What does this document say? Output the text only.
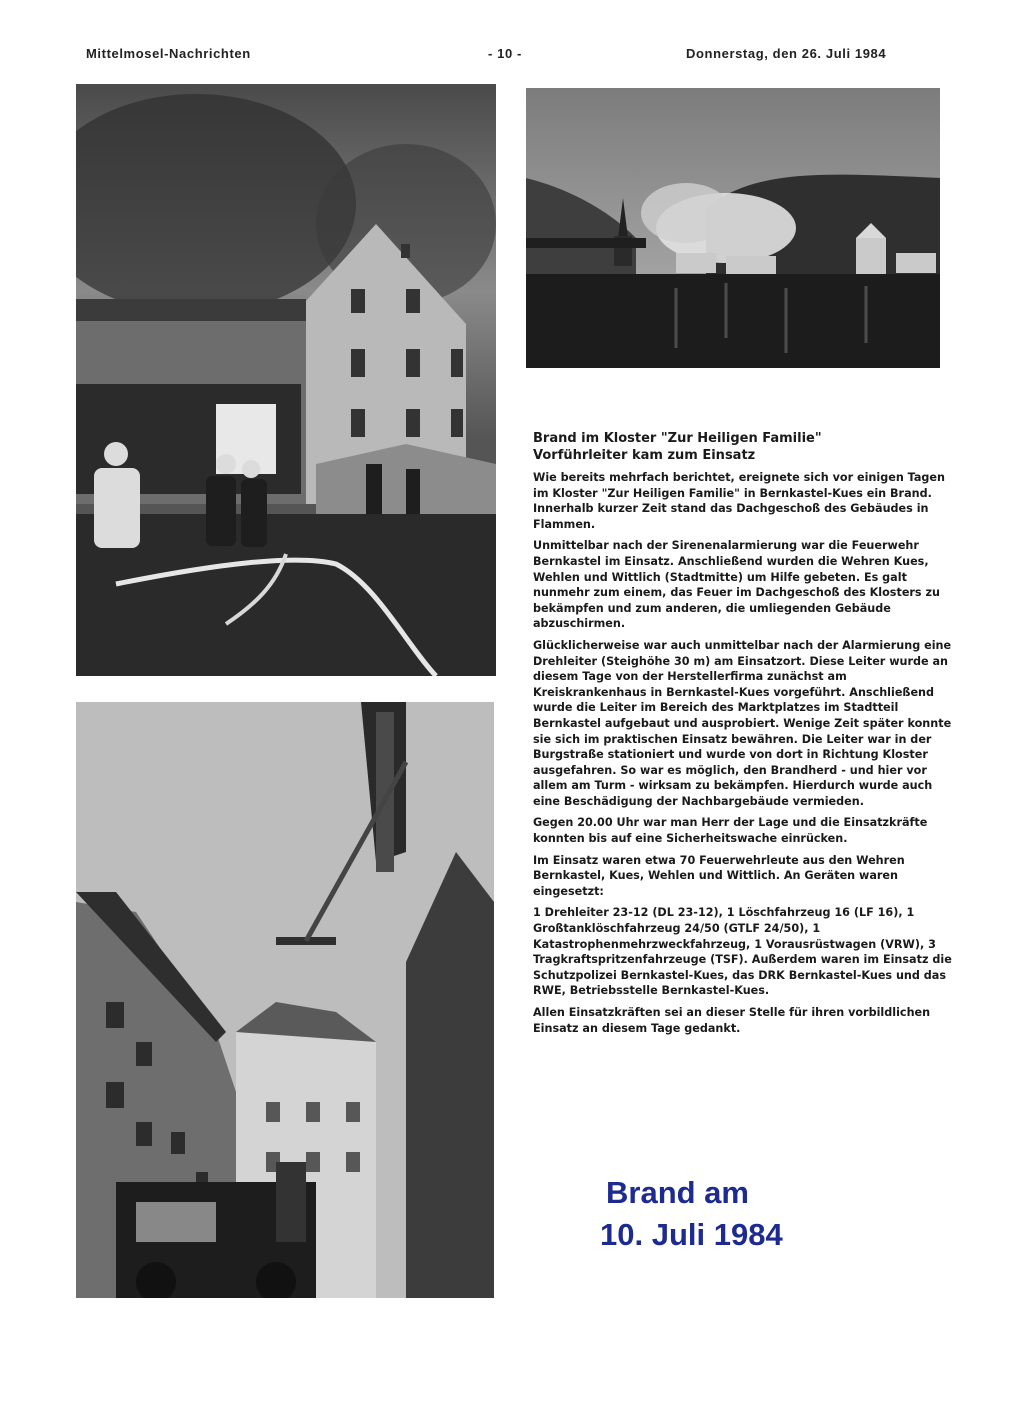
Mittelmosel-Nachrichten	- 10 -	Donnerstag, den 26. Juli 1984
Brand im Kloster "Zur Heiligen Familie"
Vorführleiter kam zum Einsatz

Wie bereits mehrfach berichtet, ereignete sich vor einigen Tagen im Kloster "Zur Heiligen Familie" in Bernkastel-Kues ein Brand. Innerhalb kurzer Zeit stand das Dachgeschoß des Gebäudes in Flammen.

Unmittelbar nach der Sirenenalarmierung war die Feuerwehr Bernkastel im Einsatz. Anschließend wurden die Wehren Kues, Wehlen und Wittlich (Stadtmitte) um Hilfe gebeten. Es galt nunmehr zum einem, das Feuer im Dachgeschoß des Klosters zu bekämpfen und zum anderen, die umliegenden Gebäude abzuschirmen.

Glücklicherweise war auch unmittelbar nach der Alarmierung eine Drehleiter (Steighöhe 30 m) am Einsatzort. Diese Leiter wurde an diesem Tage von der Herstellerfirma zunächst am Kreiskrankenhaus in Bernkastel-Kues vorgeführt. Anschließend wurde die Leiter im Bereich des Marktplatzes im Stadtteil Bernkastel aufgebaut und ausprobiert. Wenige Zeit später konnte sie sich im praktischen Einsatz bewähren. Die Leiter war in der Burgstraße stationiert und wurde von dort in Richtung Kloster ausgefahren. So war es möglich, den Brandherd - und hier vor allem am Turm - wirksam zu bekämpfen. Hierdurch wurde auch eine Beschädigung der Nachbargebäude vermieden.

Gegen 20.00 Uhr war man Herr der Lage und die Einsatzkräfte konnten bis auf eine Sicherheitswache einrücken.

Im Einsatz waren etwa 70 Feuerwehrleute aus den Wehren Bernkastel, Kues, Wehlen und Wittlich. An Geräten waren eingesetzt:

1 Drehleiter 23-12 (DL 23-12), 1 Löschfahrzeug 16 (LF 16), 1 Großtanklöschfahrzeug 24/50 (GTLF 24/50), 1 Katastrophenmehrzweckfahrzeug, 1 Vorausrüstwagen (VRW), 3 Tragkraftspritzenfahrzeuge (TSF). Außerdem waren im Einsatz die Schutzpolizei Bernkastel-Kues, das DRK Bernkastel-Kues und das RWE, Betriebsstelle Bernkastel-Kues.

Allen Einsatzkräften sei an dieser Stelle für ihren vorbildlichen Einsatz an diesem Tage gedankt.

Brand am
10. Juli 1984
